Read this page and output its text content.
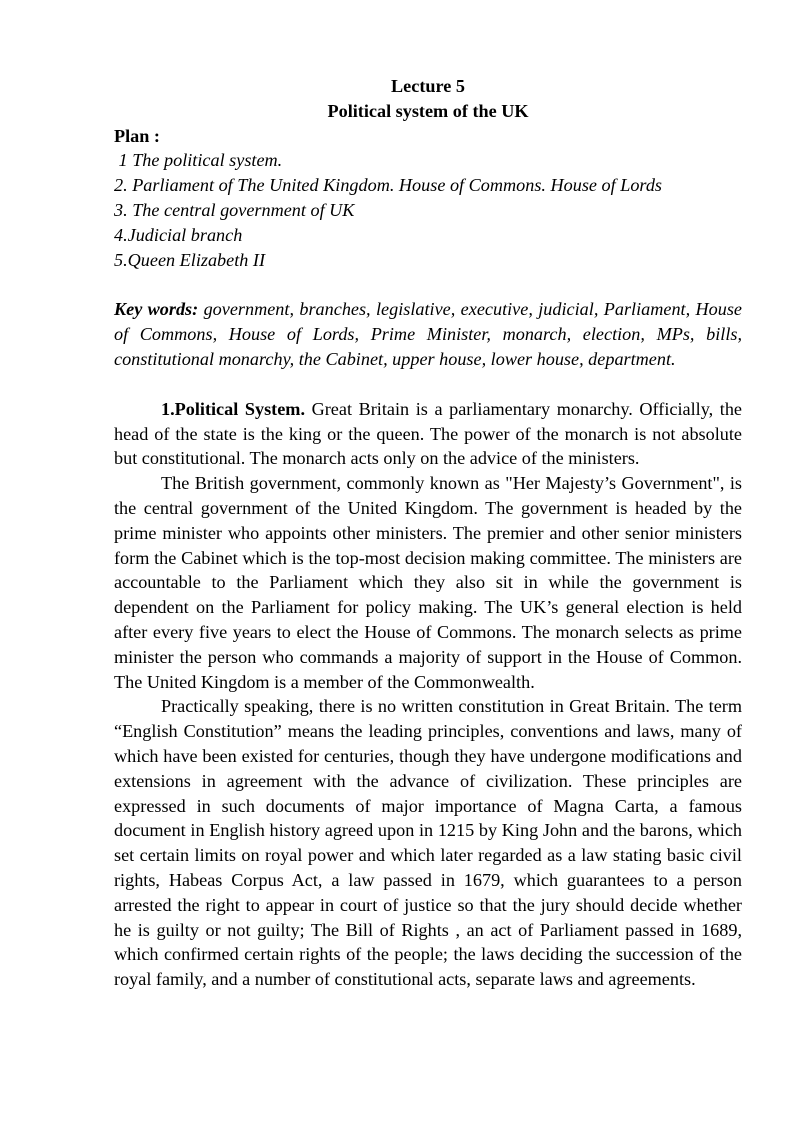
Lecture 5

Political system of the UK

Plan :

1 The political system.
2. Parliament of The United Kingdom. House of Commons. House of Lords
3. The central government of UK
4.Judicial branch
5.Queen Elizabeth II

Key words: government, branches, legislative, executive, judicial, Parliament, House of Commons, House of Lords, Prime Minister, monarch, election, MPs, bills, constitutional monarchy, the Cabinet, upper house, lower house, department.

1.Political System. Great Britain is a parliamentary monarchy. Officially, the head of the state is the king or the queen. The power of the monarch is not absolute but constitutional. The monarch acts only on the advice of the ministers.

The British government, commonly known as "Her Majesty’s Government", is the central government of the United Kingdom. The government is headed by the prime minister who appoints other ministers. The premier and other senior ministers form the Cabinet which is the top-most decision making committee. The ministers are accountable to the Parliament which they also sit in while the government is dependent on the Parliament for policy making. The UK’s general election is held after every five years to elect the House of Commons. The monarch selects as prime minister the person who commands a majority of support in the House of Common. The United Kingdom is a member of the Commonwealth.

Practically speaking, there is no written constitution in Great Britain. The term “English Constitution” means the leading principles, conventions and laws, many of which have been existed for centuries, though they have undergone modifications and extensions in agreement with the advance of civilization. These principles are expressed in such documents of major importance of Magna Carta, a famous document in English history agreed upon in 1215 by King John and the barons, which set certain limits on royal power and which later regarded as a law stating basic civil rights, Habeas Corpus Act, a law passed in 1679, which guarantees to a person arrested the right to appear in court of justice so that the jury should decide whether he is guilty or not guilty; The Bill of Rights , an act of Parliament passed in 1689, which confirmed certain rights of the people; the laws deciding the succession of the royal family, and a number of constitutional acts, separate laws and agreements.
